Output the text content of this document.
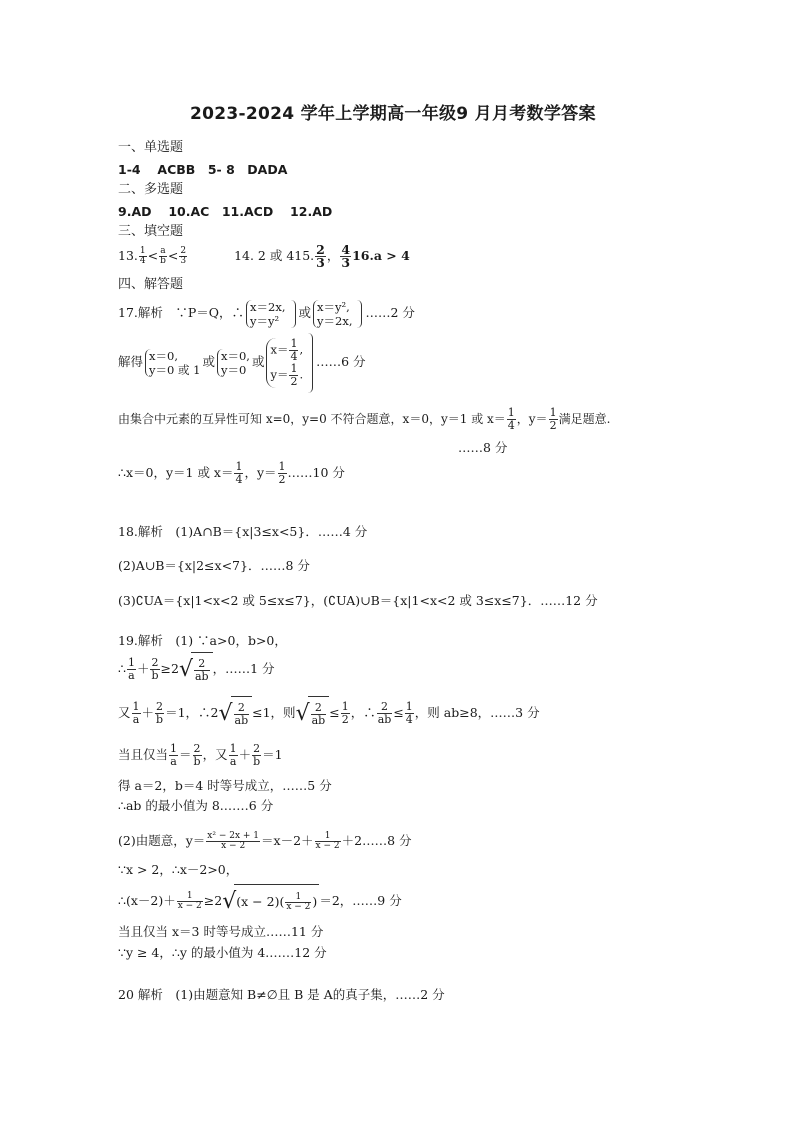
2023-2024 学年上学期高一年级9 月月考数学答案
一、单选题
1-4　 ACBB　5- 8　DADA
二、多选题
9.AD　 10.AC　11.ACD　 12.AD
三、填空题
13. $\frac{1}{4} < \frac{a}{b} < \frac{2}{3}$	14. 2 或 415. $\frac{2}{3}$ ， $\frac{4}{3} 16.a > 4$
四、解答题
17.解析　∵P＝Q，∴ x＝2x,
y＝y²
或 x＝y²,
y＝2x,
……2 分
解得 x＝0,
y＝0 或 1
或 x＝0,
y＝0
或
$x= \frac{1}{4}$ ,
$y= \frac{1}{2}$ .
……6 分
由集合中元素的互异性可知 x=0，y=0 不符合题意，x＝0，y＝1 或 $x= \frac{1}{4}$ ，$y= \frac{1}{2}$ 满足题意.
……8 分
∴x＝0，y＝1 或 $x= \frac{1}{4}$ ，$y= \frac{1}{2}$ ……10 分
18.解析　(1)A∩B＝{x|3≤x<5}．……4 分
(2)A∪B＝{x|2≤x<7}．……8 分
(3)∁UA＝{x|1<x<2 或 5≤x≤7}，(∁UA)∪B＝{x|1<x<2 或 3≤x≤7}．……12 分
19.解析　(1) ∵a>0，b>0，
∴ $\frac{1}{a} + \frac{2}{b} \ge 2√ \frac{2}{ab}$ ，……1 分
又 $\frac{1}{a} + \frac{2}{b} =1$，∴2√ $\frac{2}{ab} \le 1$，则√ $\frac{2}{ab} \le \frac{1}{2}$ ，∴ $\frac{2}{ab} \le \frac{1}{4}$ ，则 ab≥8，……3 分
当且仅当 $\frac{1}{a} = \frac{2}{b}$ ，又 $\frac{1}{a} + \frac{2}{b} =1$
得 a＝2，b＝4 时等号成立，……5 分
∴ab 的最小值为 8.……6 分
(2)由题意，$y= \frac{\text{x² − 2x + 1}}{x - 2} =x-2+ \frac{1}{x - 2}$ ＋2……8 分
∵x > 2，∴x－2>0，
∴(x－2)＋ $\frac{1}{x - 2} \ge 2√(x - 2)( \frac{1}{x - 2}$ ) ＝2，……9 分
当且仅当 x＝3 时等号成立……11 分
∵y ≥ 4，∴y 的最小值为 4.……12 分
20 解析　(1)由题意知 B≠∅且 B 是 A的真子集，……2 分
